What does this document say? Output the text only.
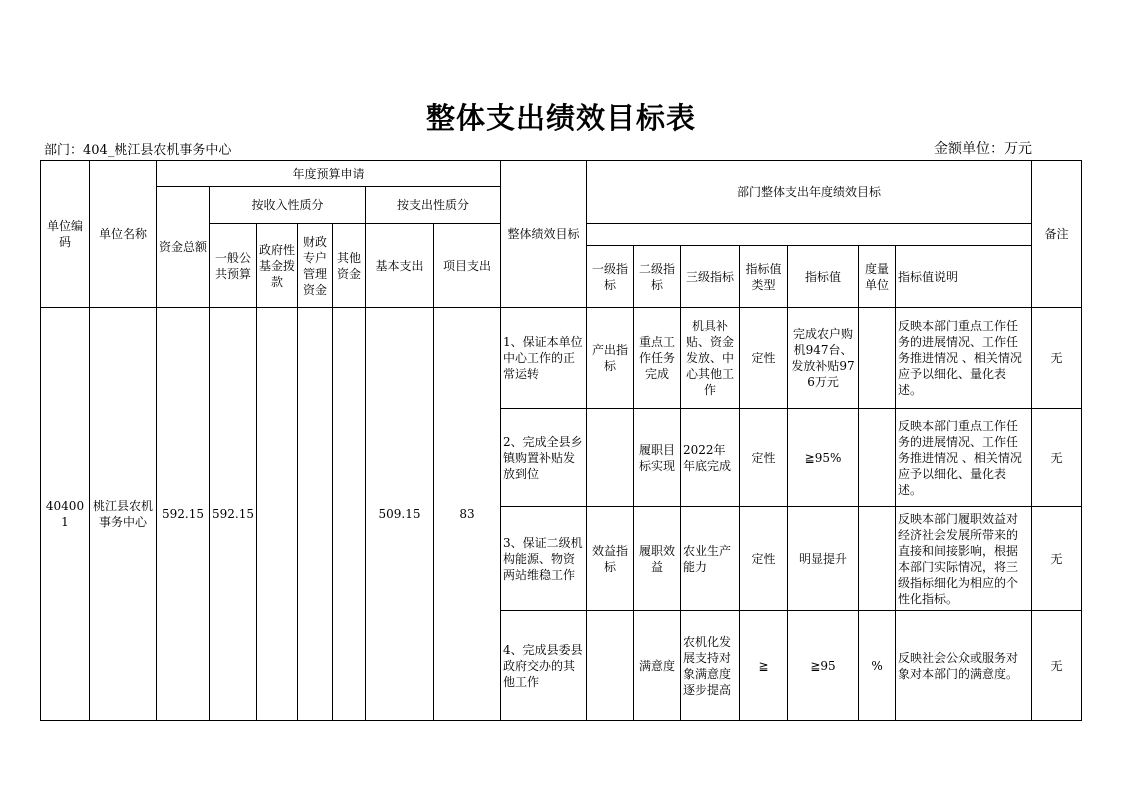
整体支出绩效目标表
部门：404_桃江县农机事务中心	金额单位：万元
单位编码	单位名称	年度预算申请							整体绩效目标	部门整体支出年度绩效目标							备注
		资金总额	按收入性质分				按支出性质分										
			一般公共预算	政府性基金拨款	财政专户管理资金	其他资金	基本支出	项目支出									
										一级指标	二级指标	三级指标	指标值类型	指标值	度量单位	指标值说明	
404001	桃江县农机事务中心	592.15	592.15				509.15	83	1、保证本单位中心工作的正常运转	产出指标	重点工作任务完成	机具补贴、资金发放、中心其他工作	定性	完成农户购机947台、发放补贴976万元		反映本部门重点工作任务的进展情况、工作任务推进情况 、相关情况应予以细化、量化表述。	无
									2、完成全县乡镇购置补贴发放到位		履职目标实现	2022年年底完成	定性	≧95%		反映本部门重点工作任务的进展情况、工作任务推进情况 、相关情况应予以细化、量化表述。	无
									3、保证二级机构能源、物资两站维稳工作	效益指标	履职效益	农业生产能力	定性	明显提升		反映本部门履职效益对经济社会发展所带来的直接和间接影响，根据本部门实际情况，将三级指标细化为相应的个性化指标。	无
									4、完成县委县政府交办的其他工作		满意度	农机化发展支持对象满意度逐步提高	≧	≧95	%	反映社会公众或服务对象对本部门的满意度。	无
